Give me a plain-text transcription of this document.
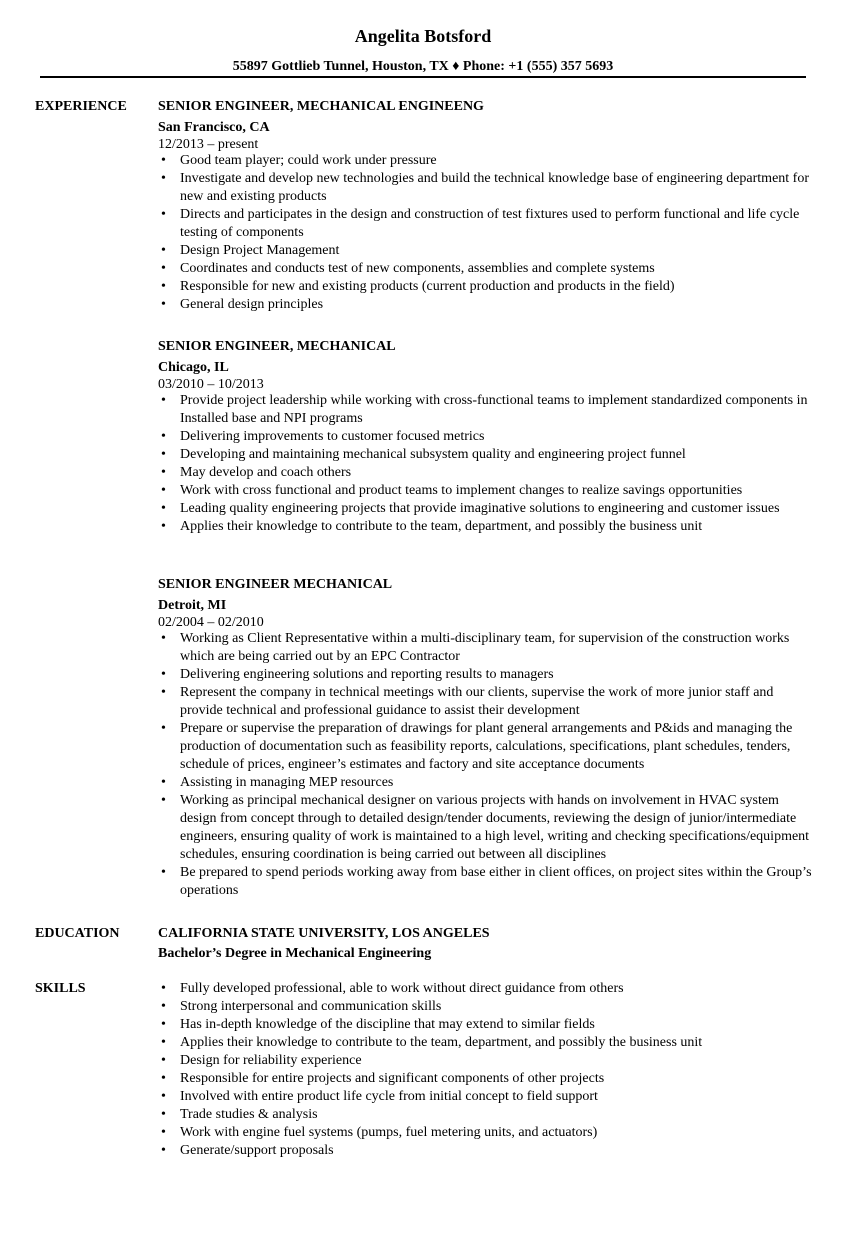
Angelita Botsford
55897 Gottlieb Tunnel, Houston, TX ♦ Phone: +1 (555) 357 5693
EXPERIENCE	SENIOR ENGINEER, MECHANICAL ENGINEENG
San Francisco, CA
12/2013 – present
• Good team player; could work under pressure
• Investigate and develop new technologies and build the technical knowledge base of engineering department for new and existing products
• Directs and participates in the design and construction of test fixtures used to perform functional and life cycle testing of components
• Design Project Management
• Coordinates and conducts test of new components, assemblies and complete systems
• Responsible for new and existing products (current production and products in the field)
• General design principles
SENIOR ENGINEER, MECHANICAL
Chicago, IL
03/2010 – 10/2013
• Provide project leadership while working with cross-functional teams to implement standardized components in Installed base and NPI programs
• Delivering improvements to customer focused metrics
• Developing and maintaining mechanical subsystem quality and engineering project funnel
• May develop and coach others
• Work with cross functional and product teams to implement changes to realize savings opportunities
• Leading quality engineering projects that provide imaginative solutions to engineering and customer issues
• Applies their knowledge to contribute to the team, department, and possibly the business unit
SENIOR ENGINEER MECHANICAL
Detroit, MI
02/2004 – 02/2010
• Working as Client Representative within a multi-disciplinary team, for supervision of the construction works which are being carried out by an EPC Contractor
• Delivering engineering solutions and reporting results to managers
• Represent the company in technical meetings with our clients, supervise the work of more junior staff and provide technical and professional guidance to assist their development
• Prepare or supervise the preparation of drawings for plant general arrangements and P&ids and managing the production of documentation such as feasibility reports, calculations, specifications, plant schedules, tenders, schedule of prices, engineer’s estimates and factory and site acceptance documents
• Assisting in managing MEP resources
• Working as principal mechanical designer on various projects with hands on involvement in HVAC system design from concept through to detailed design/tender documents, reviewing the design of junior/intermediate engineers, ensuring quality of work is maintained to a high level, writing and checking specifications/equipment schedules, ensuring coordination is being carried out between all disciplines
• Be prepared to spend periods working away from base either in client offices, on project sites within the Group’s operations
EDUCATION	CALIFORNIA STATE UNIVERSITY, LOS ANGELES
Bachelor’s Degree in Mechanical Engineering
SKILLS	• Fully developed professional, able to work without direct guidance from others
• Strong interpersonal and communication skills
• Has in-depth knowledge of the discipline that may extend to similar fields
• Applies their knowledge to contribute to the team, department, and possibly the business unit
• Design for reliability experience
• Responsible for entire projects and significant components of other projects
• Involved with entire product life cycle from initial concept to field support
• Trade studies & analysis
• Work with engine fuel systems (pumps, fuel metering units, and actuators)
• Generate/support proposals
